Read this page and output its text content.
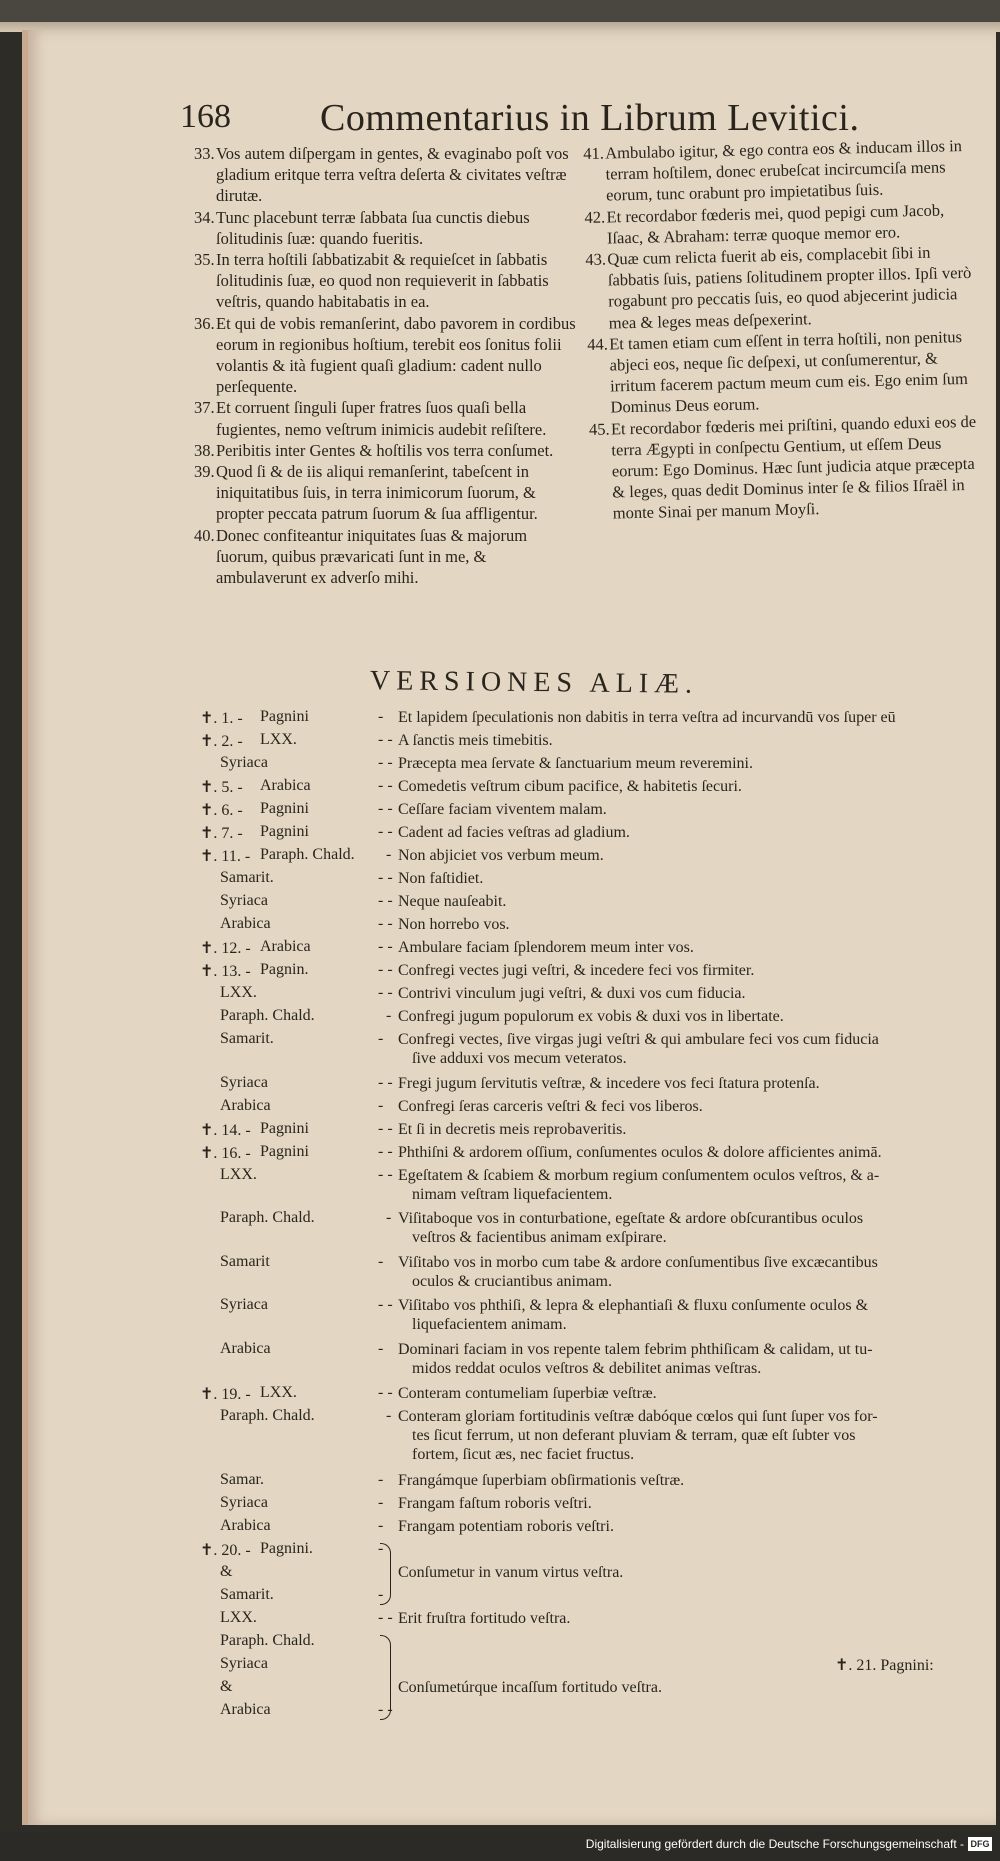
168 Commentarius in Librum Levitici.
33.Vos autem diſpergam in gentes, & evaginabo poſt vos gladium eritque terra veſtra deſerta & civitates veſtræ dirutæ.
34.Tunc placebunt terræ ſabbata ſua cunctis diebus ſolitudinis ſuæ: quando fueritis.
35.In terra hoſtili ſabbatizabit & requieſcet in ſabbatis ſolitudinis ſuæ, eo quod non requieverit in ſabbatis veſtris, quando habitabatis in ea.
36.Et qui de vobis remanſerint, dabo pavorem in cordibus eorum in regionibus hoſtium, terebit eos ſonitus folii volantis & ità fugient quaſi gladium: cadent nullo perſequente.
37.Et corruent ſinguli ſuper fratres ſuos quaſi bella fugientes, nemo veſtrum inimicis audebit reſiſtere.
38.Peribitis inter Gentes & hoſtilis vos terra conſumet.
39.Quod ſi & de iis aliqui remanſerint, tabeſcent in iniquitatibus ſuis, in terra inimicorum ſuorum, & propter peccata patrum ſuorum & ſua affligentur.
40.Donec confiteantur iniquitates ſuas & majorum ſuorum, quibus prævaricati ſunt in me, & ambulaverunt ex adverſo mihi.
41.Ambulabo igitur, & ego contra eos & inducam illos in terram hoſtilem, donec erubeſcat incircumciſa mens eorum, tunc orabunt pro impietatibus ſuis.
42.Et recordabor fœderis mei, quod pepigi cum Jacob, Iſaac, & Abraham: terræ quoque memor ero.
43.Quæ cum relicta fuerit ab eis, complacebit ſibi in ſabbatis ſuis, patiens ſolitudinem propter illos. Ipſi verò rogabunt pro peccatis ſuis, eo quod abjecerint judicia mea & leges meas deſpexerint.
44.Et tamen etiam cum eſſent in terra hoſtili, non penitus abjeci eos, neque ſic deſpexi, ut conſumerentur, & irritum facerem pactum meum cum eis. Ego enim ſum Dominus Deus eorum.
45.Et recordabor fœderis mei priſtini, quando eduxi eos de terra Ægypti in conſpectu Gentium, ut eſſem Deus eorum: Ego Dominus. Hæc ſunt judicia atque præcepta & leges, quas dedit Dominus inter ſe & filios Iſraël in monte Sinai per manum Moyſi.
VERSIONES ALIÆ.
✝. 1. -	Pagnini	- Et lapidem ſpeculationis non dabitis in terra veſtra ad incurvandū vos ſuper eū
✝. 2. -	LXX.	- - A ſanctis meis timebitis.
Syriaca	- - Præcepta mea ſervate & ſanctuarium meum reveremini.
✝. 5. -	Arabica	- - Comedetis veſtrum cibum pacifice, & habitetis ſecuri.
✝. 6. -	Pagnini	- - Ceſſare faciam viventem malam.
✝. 7. -	Pagnini	- - Cadent ad facies veſtras ad gladium.
✝. 11. - Paraph. Chald.	- Non abjiciet vos verbum meum.
Samarit.	- - Non faſtidiet.
Syriaca	- - Neque nauſeabit.
Arabica	- - Non horrebo vos.
✝. 12. - Arabica	- - Ambulare faciam ſplendorem meum inter vos.
✝. 13. - Pagnin.	- - Confregi vectes jugi veſtri, & incedere feci vos firmiter.
LXX.	- - Contrivi vinculum jugi veſtri, & duxi vos cum fiducia.
Paraph. Chald.	- Confregi jugum populorum ex vobis & duxi vos in libertate.
Samarit.	- Confregi vectes, ſive virgas jugi veſtri & qui ambulare feci vos cum fiducia
ſive adduxi vos mecum veteratos.
Syriaca	- - Fregi jugum ſervitutis veſtræ, & incedere vos feci ſtatura protenſa.
Arabica	- Confregi ſeras carceris veſtri & feci vos liberos.
✝. 14. - Pagnini	- - Et ſi in decretis meis reprobaveritis.
✝. 16. - Pagnini	- - Phthiſni & ardorem oſſium, conſumentes oculos & dolore afficientes animā.
LXX.	- - Egeſtatem & ſcabiem & morbum regium conſumentem oculos veſtros, & a-
nimam veſtram liquefacientem.
Paraph. Chald.	- Viſitaboque vos in conturbatione, egeſtate & ardore obſcurantibus oculos
veſtros & facientibus animam exſpirare.
Samarit	- Viſitabo vos in morbo cum tabe & ardore conſumentibus ſive excæcantibus
oculos & cruciantibus animam.
Syriaca	- - Viſitabo vos phthiſi, & lepra & elephantiaſi & fluxu conſumente oculos &
liquefacientem animam.
Arabica	- Dominari faciam in vos repente talem febrim phthiſicam & calidam, ut tu-
midos reddat oculos veſtros & debilitet animas veſtras.
✝. 19. - LXX.	- - Conteram contumeliam ſuperbiæ veſtræ.
Paraph. Chald.	- Conteram gloriam fortitudinis veſtræ dabóque cœlos qui ſunt ſuper vos for-
tes ſicut ferrum, ut non deferant pluviam & terram, quæ eſt ſubter vos
fortem, ſicut æs, nec faciet fructus.
Samar.	- Frangámque ſuperbiam obſirmationis veſtræ.
Syriaca	- Frangam faſtum roboris veſtri.
Arabica	- Frangam potentiam roboris veſtri.
✝. 20. - Pagnini.	-
&	Conſumetur in vanum virtus veſtra.
Samarit.	-
LXX.	- - Erit fruſtra fortitudo veſtra.
Paraph. Chald.
Syriaca
&	Conſumetúrque incaſſum fortitudo veſtra.
Arabica	- -
✝. 21. Pagnini:
Digitalisierung gefördert durch die Deutsche Forschungsgemeinschaft - DFG
